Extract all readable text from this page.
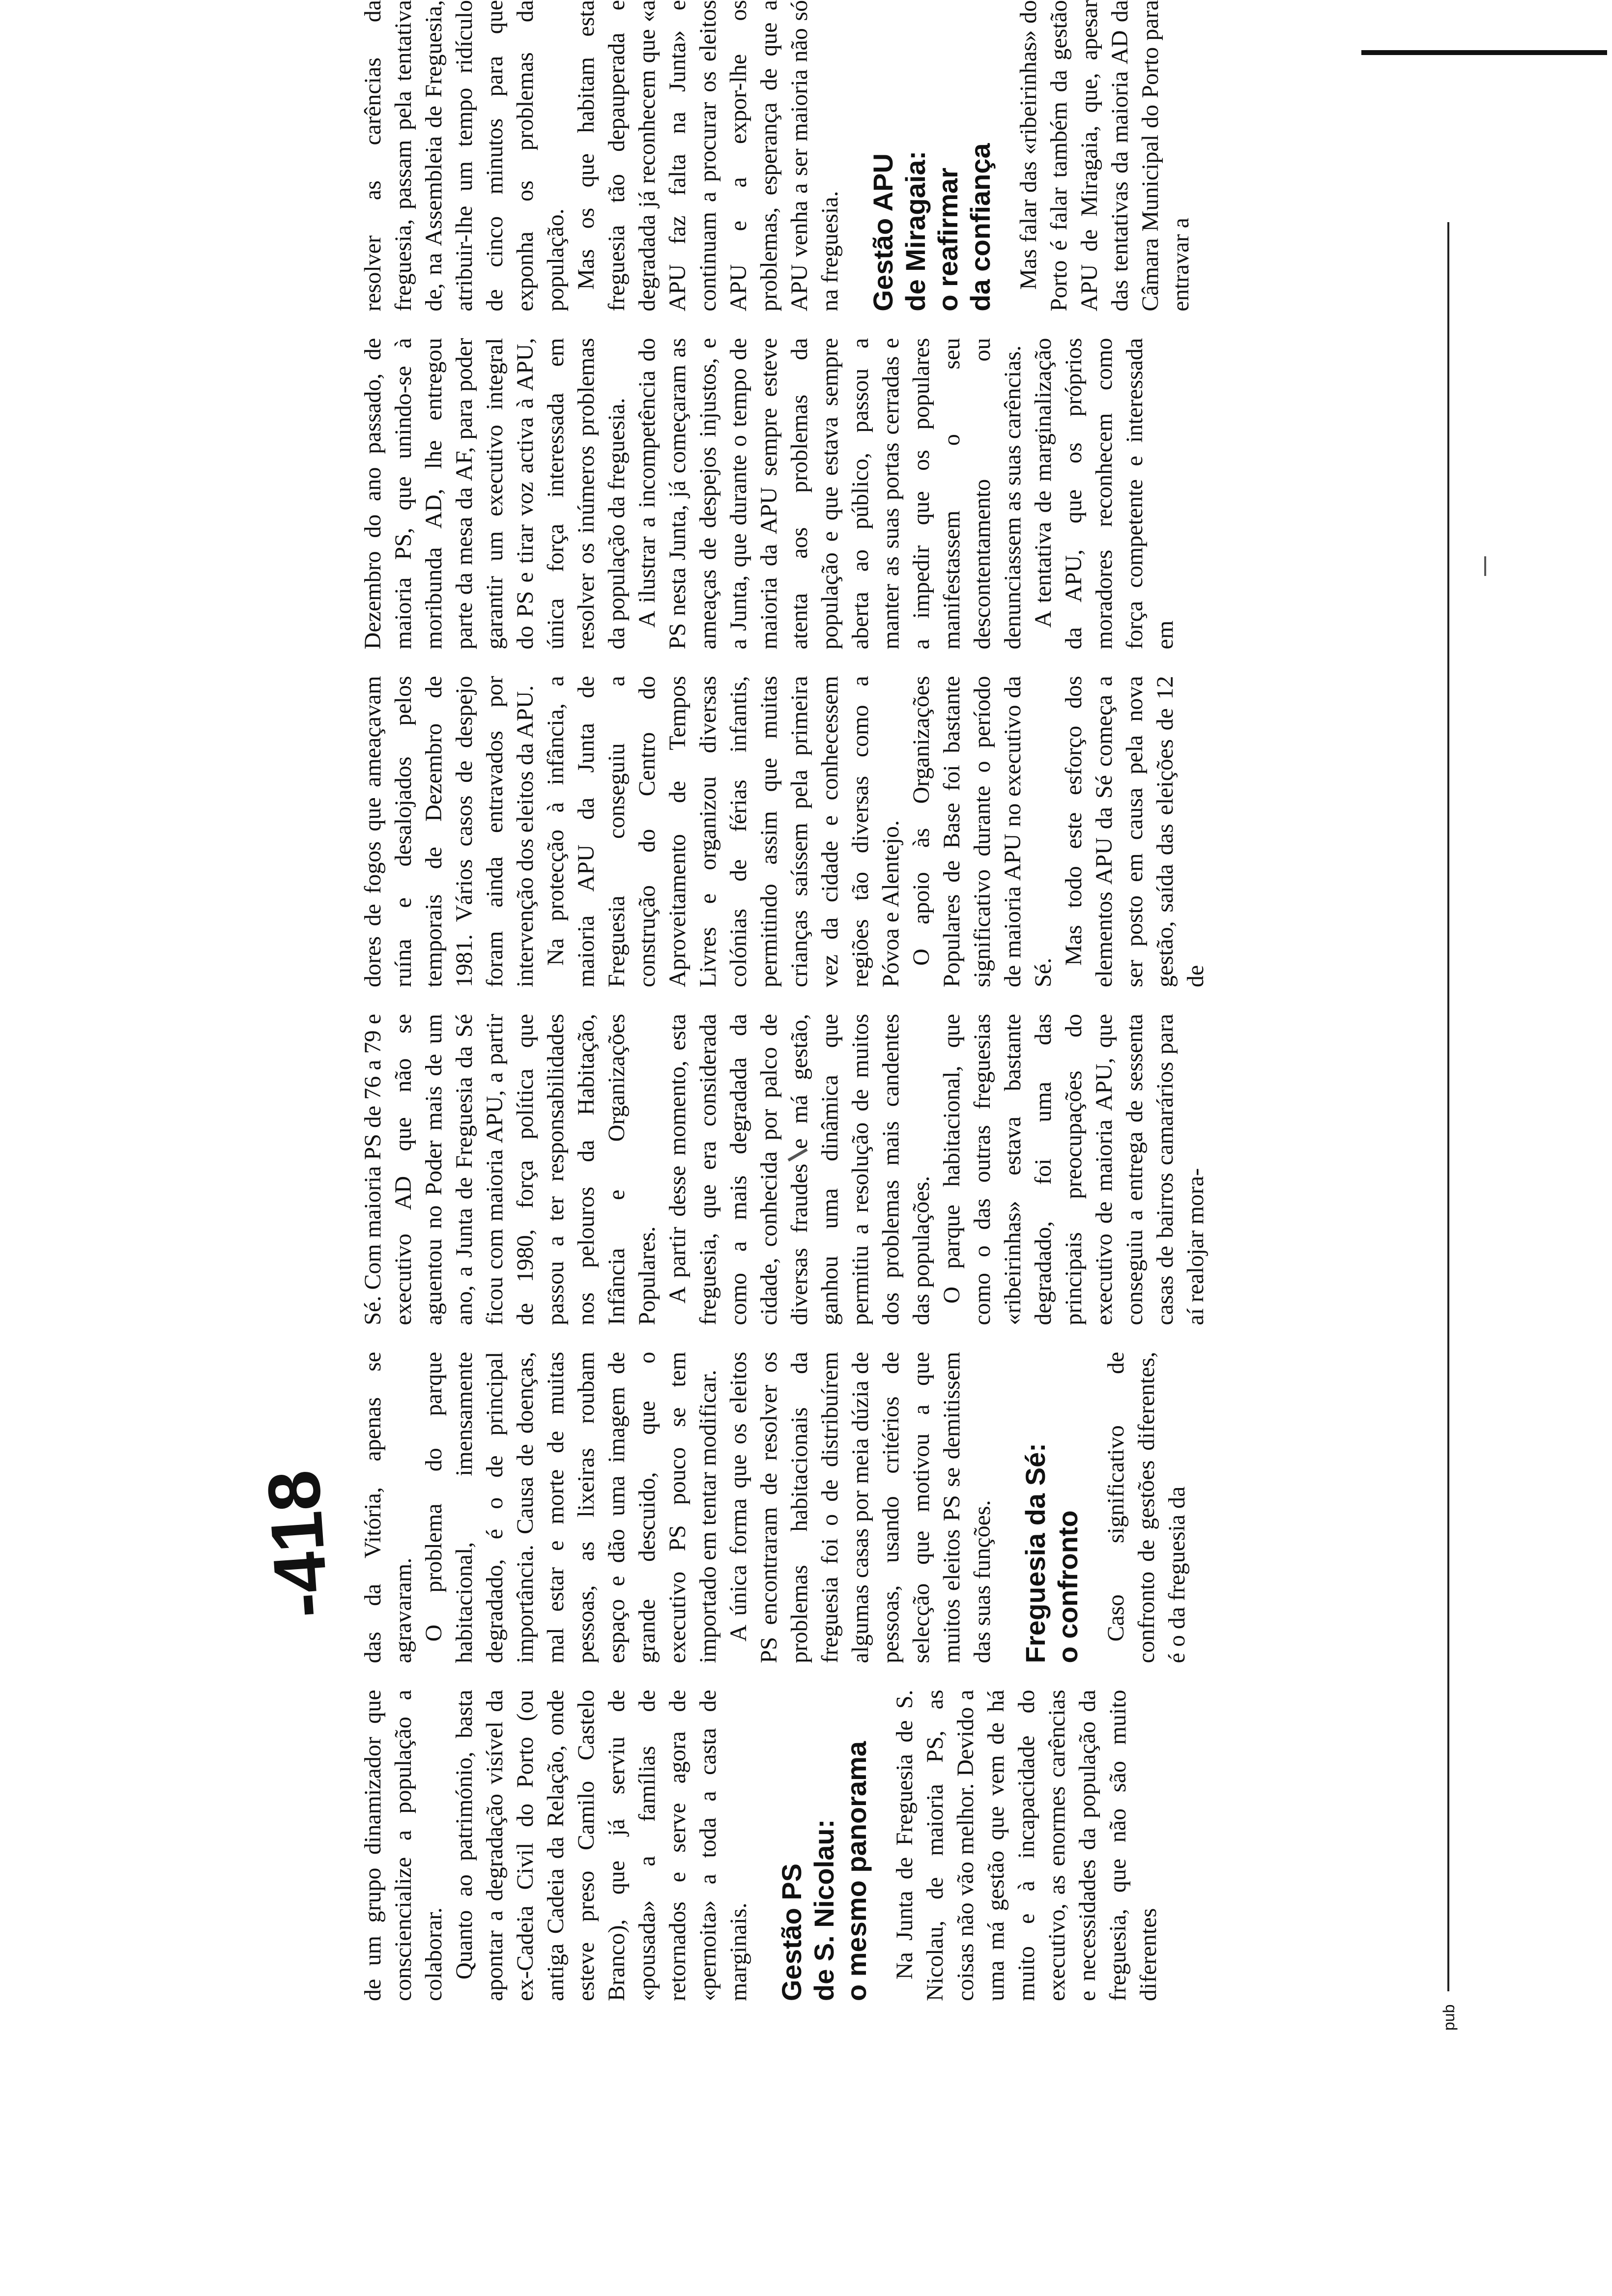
-418

de um grupo dinamizador que consciencialize a população a colaborar. Quanto ao património, basta apontar a degradação visível da ex-Cadeia Civil do Porto (ou antiga Cadeia da Relação, onde esteve preso Camilo Castelo Branco), que já serviu de «pousada» a famílias de retornados e serve agora de «pernoita» a toda a casta de marginais. Gestão PS
de S. Nicolau:
o mesmo panorama Na Junta de Freguesia de S. Nicolau, de maioria PS, as coisas não vão melhor. Devido a uma má gestão que vem de há muito e à incapacidade do executivo, as enormes carências e necessidades da população da freguesia, que não são muito diferentes

das da Vitória, apenas se agravaram. O problema do parque habitacional, imensamente degradado, é o de principal importância. Causa de doenças, mal estar e morte de muitas pessoas, as lixeiras roubam espaço e dão uma imagem de grande descuido, que o executivo PS pouco se tem importado em tentar modificar. A única forma que os eleitos PS encontraram de resolver os problemas habitacionais da freguesia foi o de distribuírem algumas casas por meia dúzia de pessoas, usando critérios de selecção que motivou a que muitos eleitos PS se demitissem das suas funções. Freguesia da Sé:
o confronto Caso significativo de confronto de gestões diferentes, é o da freguesia da

Sé. Com maioria PS de 76 a 79 e executivo AD que não se aguentou no Poder mais de um ano, a Junta de Freguesia da Sé ficou com maioria APU, a partir de 1980, força política que passou a ter responsabilidades nos pelouros da Habitação, Infância e Organizações Populares. A partir desse momento, esta freguesia, que era considerada como a mais degradada da cidade, conhecida por palco de diversas fraudes e má gestão, ganhou uma dinâmica que permitiu a resolução de muitos dos problemas mais candentes das populações. O parque habitacional, que como o das outras freguesias «ribeirinhas» estava bastante degradado, foi uma das principais preocupações do executivo de maioria APU, que conseguiu a entrega de sessenta casas de bairros camarários para aí realojar mora-

dores de fogos que ameaçavam ruína e desalojados pelos temporais de Dezembro de 1981. Vários casos de despejo foram ainda entravados por intervenção dos eleitos da APU. Na protecção à infância, a maioria APU da Junta de Freguesia conseguiu a construção do Centro do Aproveitamento de Tempos Livres e organizou diversas colónias de férias infantis, permitindo assim que muitas crianças saíssem pela primeira vez da cidade e conhecessem regiões tão diversas como a Póvoa e Alentejo. O apoio às Organizações Populares de Base foi bastante significativo durante o período de maioria APU no executivo da Sé.

Mas todo este esforço dos elementos APU da Sé começa a ser posto em causa pela nova gestão, saída das eleições de 12 de

Dezembro do ano passado, de maioria PS, que unindo-se à moribunda AD, lhe entregou parte da mesa da AF, para poder garantir um executivo integral do PS e tirar voz activa à APU, única força interessada em resolver os inúmeros problemas da população da freguesia. A ilustrar a incompetência do PS nesta Junta, já começaram as ameaças de despejos injustos, e a Junta, que durante o tempo de maioria da APU sempre esteve atenta aos problemas da população e que estava sempre aberta ao público, passou a manter as suas portas cerradas e a impedir que os populares manifestassem o seu descontentamento ou denunciassem as suas carências. A tentativa de marginalização da APU, que os próprios moradores reconhecem como força competente e interessada em

resolver as carências da freguesia, passam pela tentativa de, na Assembleia de Freguesia, atribuir-lhe um tempo ridículo de cinco minutos para que exponha os problemas da população. Mas os que habitam esta freguesia tão depauperada e degradada já reconhecem que «a APU faz falta na Junta» e continuam a procurar os eleitos APU e a expor-lhe os problemas, esperança de que a APU venha a ser maioria não só na freguesia. Gestão APU
de Miragaia:
o reafirmar
da confiança Mas falar das «ribeirinhas» do Porto é falar também da gestão APU de Miragaia, que, apesar das tentativas da maioria AD da Câmara Municipal do Porto para entravar a

pub
